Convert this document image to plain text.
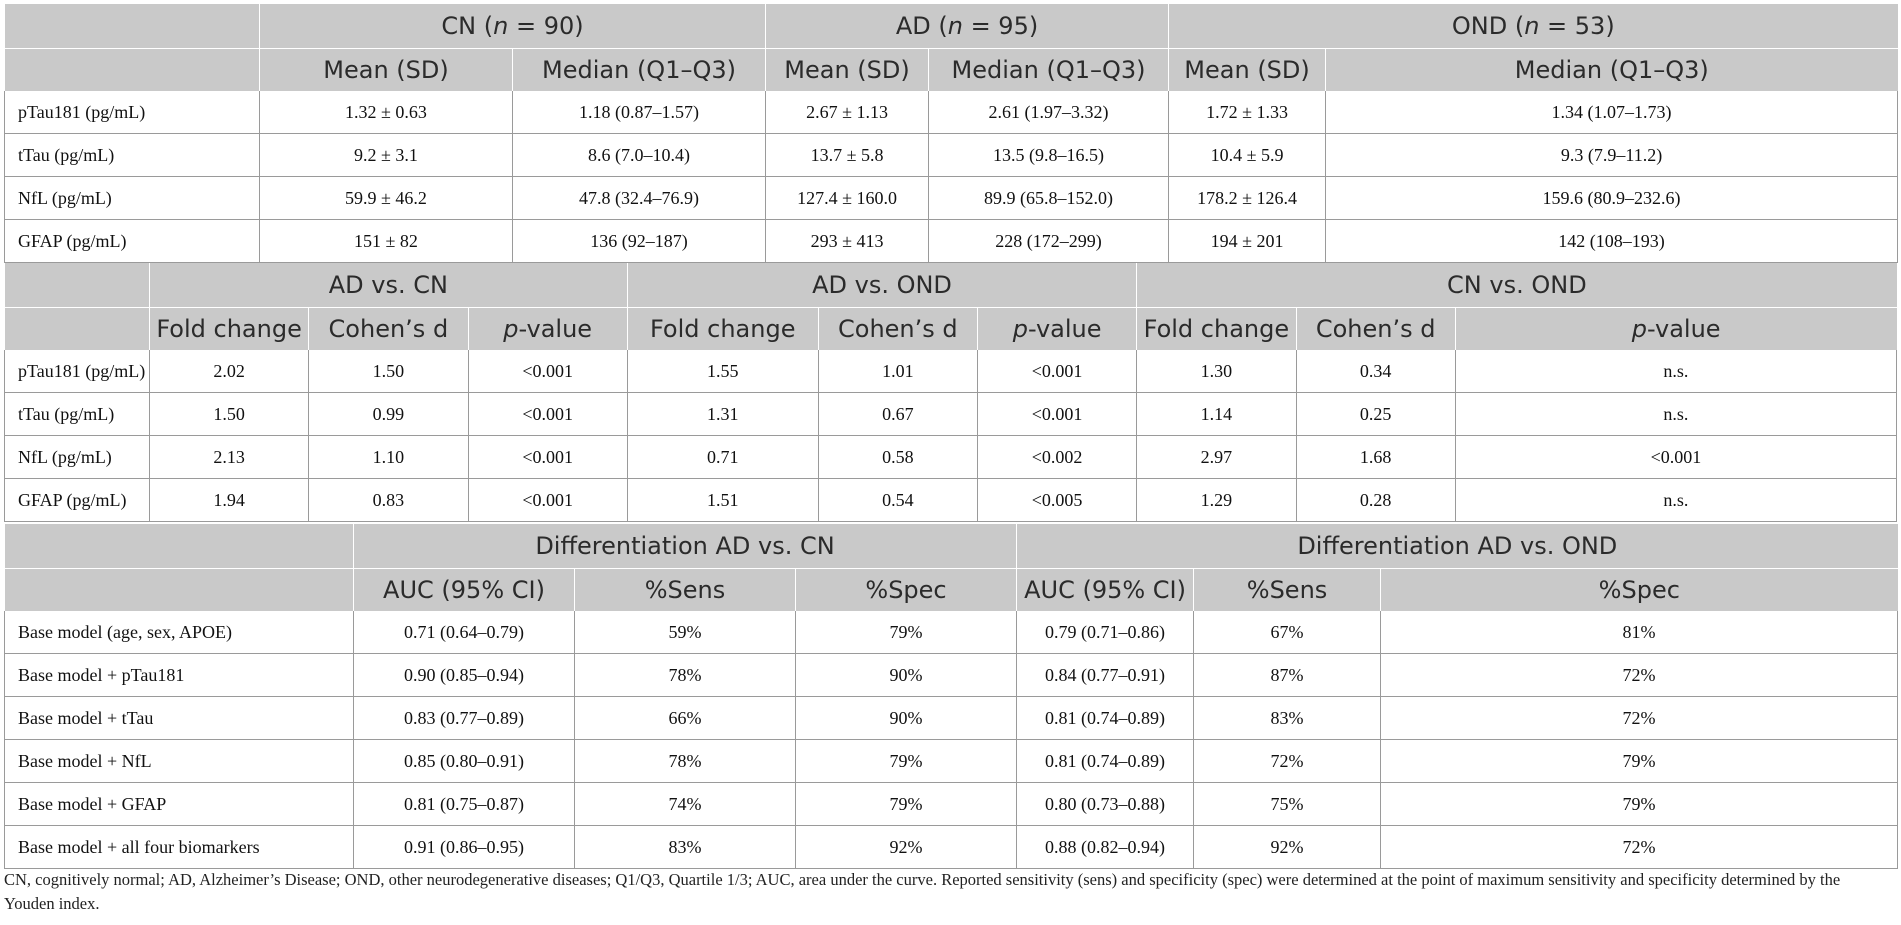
	CN (n = 90)		AD (n = 95)		OND (n = 53)	
	Mean (SD)	Median (Q1–Q3)	Mean (SD)	Median (Q1–Q3)	Mean (SD)	Median (Q1–Q3)
pTau181 (pg/mL)	1.32 ± 0.63	1.18 (0.87–1.57)	2.67 ± 1.13	2.61 (1.97–3.32)	1.72 ± 1.33	1.34 (1.07–1.73)
tTau (pg/mL)	9.2 ± 3.1	8.6 (7.0–10.4)	13.7 ± 5.8	13.5 (9.8–16.5)	10.4 ± 5.9	9.3 (7.9–11.2)
NfL (pg/mL)	59.9 ± 46.2	47.8 (32.4–76.9)	127.4 ± 160.0	89.9 (65.8–152.0)	178.2 ± 126.4	159.6 (80.9–232.6)
GFAP (pg/mL)	151 ± 82	136 (92–187)	293 ± 413	228 (172–299)	194 ± 201	142 (108–193)
	AD vs. CN			AD vs. OND			CN vs. OND		
	Fold change	Cohen’s d	p-value	Fold change	Cohen’s d	p-value	Fold change	Cohen’s d	p-value
pTau181 (pg/mL)	2.02	1.50	<0.001	1.55	1.01	<0.001	1.30	0.34	n.s.
tTau (pg/mL)	1.50	0.99	<0.001	1.31	0.67	<0.001	1.14	0.25	n.s.
NfL (pg/mL)	2.13	1.10	<0.001	0.71	0.58	<0.002	2.97	1.68	<0.001
GFAP (pg/mL)	1.94	0.83	<0.001	1.51	0.54	<0.005	1.29	0.28	n.s.
	Differentiation AD vs. CN			Differentiation AD vs. OND		
	AUC (95% CI)	%Sens	%Spec	AUC (95% CI)	%Sens	%Spec
Base model (age, sex, APOE)	0.71 (0.64–0.79)	59%	79%	0.79 (0.71–0.86)	67%	81%
Base model + pTau181	0.90 (0.85–0.94)	78%	90%	0.84 (0.77–0.91)	87%	72%
Base model + tTau	0.83 (0.77–0.89)	66%	90%	0.81 (0.74–0.89)	83%	72%
Base model + NfL	0.85 (0.80–0.91)	78%	79%	0.81 (0.74–0.89)	72%	79%
Base model + GFAP	0.81 (0.75–0.87)	74%	79%	0.80 (0.73–0.88)	75%	79%
Base model + all four biomarkers	0.91 (0.86–0.95)	83%	92%	0.88 (0.82–0.94)	92%	72%
CN, cognitively normal; AD, Alzheimer’s Disease; OND, other neurodegenerative diseases; Q1/Q3, Quartile 1/3; AUC, area under the curve. Reported sensitivity (sens) and specificity (spec) were determined at the point of maximum sensitivity and specificity determined by the Youden index.
